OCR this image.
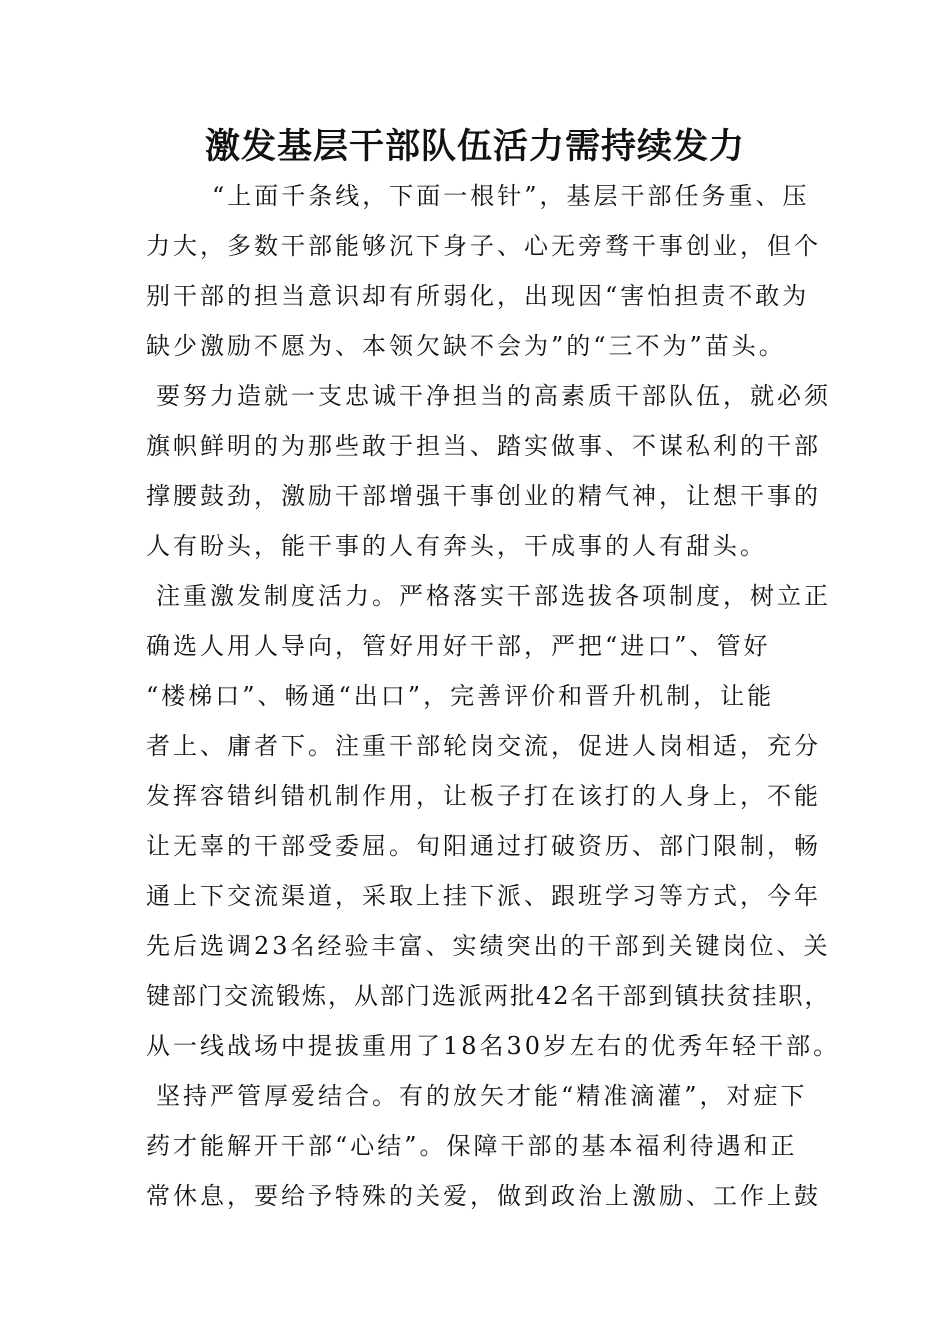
激发基层干部队伍活力需持续发力
“上面千条线，下面一根针”，基层干部任务重、压
力大，多数干部能够沉下身子、心无旁骛干事创业，但个
别干部的担当意识却有所弱化，出现因“害怕担责不敢为
缺少激励不愿为、本领欠缺不会为”的“三不为”苗头。
要努力造就一支忠诚干净担当的高素质干部队伍，就必须
旗帜鲜明的为那些敢于担当、踏实做事、不谋私利的干部
撑腰鼓劲，激励干部增强干事创业的精气神，让想干事的
人有盼头，能干事的人有奔头，干成事的人有甜头。
注重激发制度活力。严格落实干部选拔各项制度，树立正
确选人用人导向，管好用好干部，严把“进口”、管好
“楼梯口”、畅通“出口”，完善评价和晋升机制，让能
者上、庸者下。注重干部轮岗交流，促进人岗相适，充分
发挥容错纠错机制作用，让板子打在该打的人身上，不能
让无辜的干部受委屈。旬阳通过打破资历、部门限制，畅
通上下交流渠道，采取上挂下派、跟班学习等方式，今年
先后选调23名经验丰富、实绩突出的干部到关键岗位、关
键部门交流锻炼，从部门选派两批42名干部到镇扶贫挂职，
从一线战场中提拔重用了18名30岁左右的优秀年轻干部。
坚持严管厚爱结合。有的放矢才能“精准滴灌”，对症下
药才能解开干部“心结”。保障干部的基本福利待遇和正
常休息，要给予特殊的关爱，做到政治上激励、工作上鼓
